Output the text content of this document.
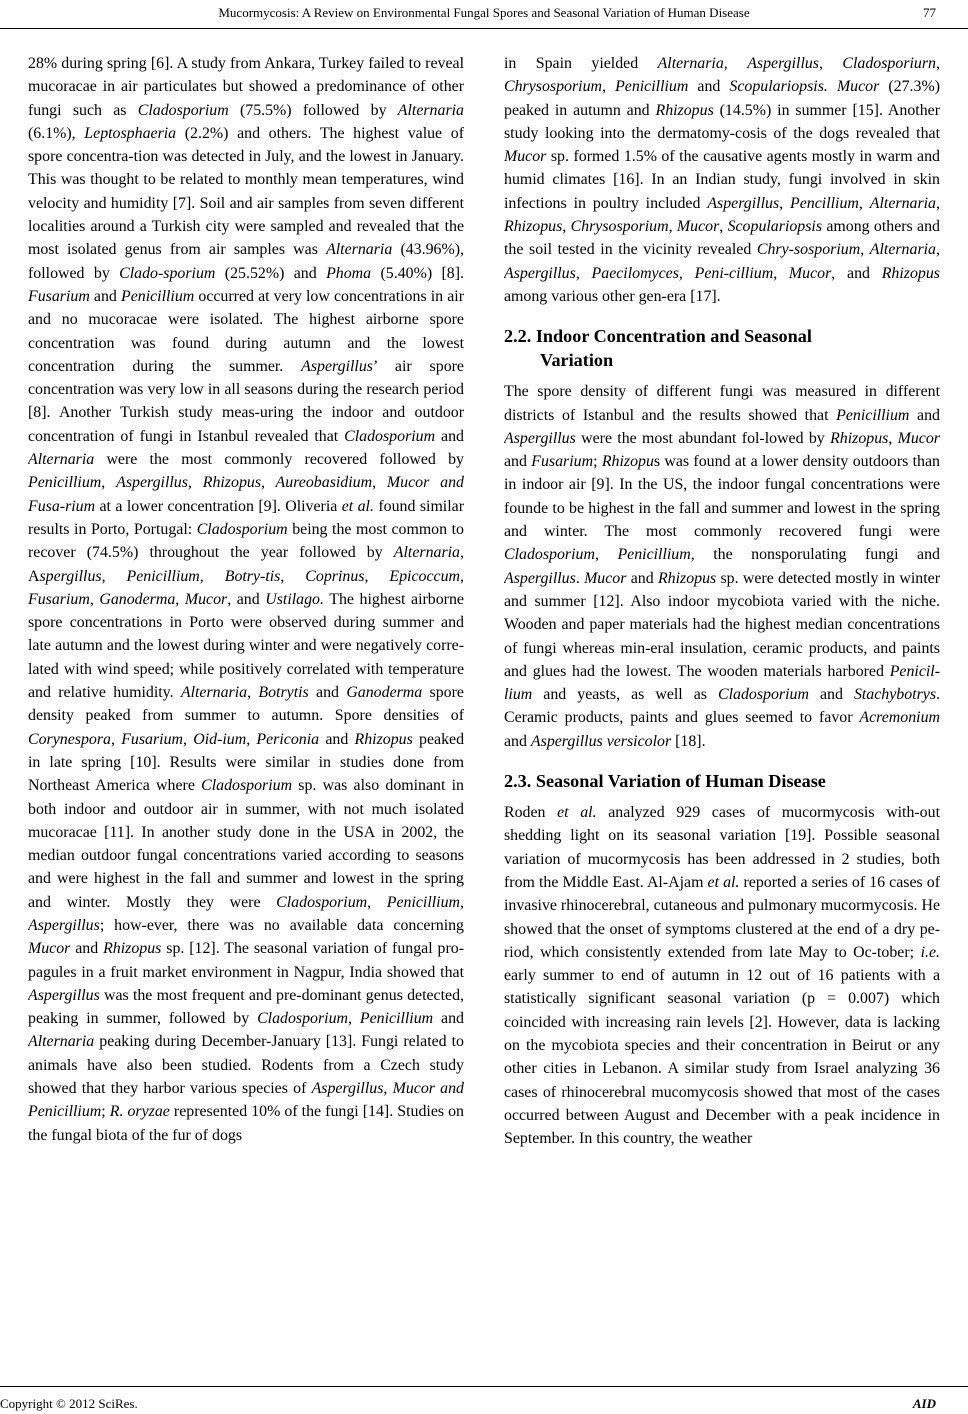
Mucormycosis: A Review on Environmental Fungal Spores and Seasonal Variation of Human Disease	77

28% during spring [6]. A study from Ankara, Turkey failed to reveal mucoracae in air particulates but showed a predominance of other fungi such as Cladosporium (75.5%) followed by Alternaria (6.1%), Leptosphaeria (2.2%) and others. The highest value of spore concentra-tion was detected in July, and the lowest in January. This was thought to be related to monthly mean temperatures, wind velocity and humidity [7]. Soil and air samples from seven different localities around a Turkish city were sampled and revealed that the most isolated genus from air samples was Alternaria (43.96%), followed by Clado-sporium (25.52%) and Phoma (5.40%) [8]. Fusarium and Penicillium occurred at very low concentrations in air and no mucoracae were isolated. The highest airborne spore concentration was found during autumn and the lowest concentration during the summer. Aspergillus’ air spore concentration was very low in all seasons during the research period [8]. Another Turkish study meas-uring the indoor and outdoor concentration of fungi in Istanbul revealed that Cladosporium and Alternaria were the most commonly recovered followed by Penicillium, Aspergillus, Rhizopus, Aureobasidium, Mucor and Fusa-rium at a lower concentration [9]. Oliveria et al. found similar results in Porto, Portugal: Cladosporium being the most common to recover (74.5%) throughout the year followed by Alternaria, Aspergillus, Penicillium, Botry-tis, Coprinus, Epicoccum, Fusarium, Ganoderma, Mucor, and Ustilago. The highest airborne spore concentrations in Porto were observed during summer and late autumn and the lowest during winter and were negatively corre-lated with wind speed; while positively correlated with temperature and relative humidity. Alternaria, Botrytis and Ganoderma spore density peaked from summer to autumn. Spore densities of Corynespora, Fusarium, Oid-ium, Periconia and Rhizopus peaked in late spring [10]. Results were similar in studies done from Northeast America where Cladosporium sp. was also dominant in both indoor and outdoor air in summer, with not much isolated mucoracae [11]. In another study done in the USA in 2002, the median outdoor fungal concentrations varied according to seasons and were highest in the fall and summer and lowest in the spring and winter. Mostly they were Cladosporium, Penicillium, Aspergillus; how-ever, there was no available data concerning Mucor and Rhizopus sp. [12]. The seasonal variation of fungal pro-pagules in a fruit market environment in Nagpur, India showed that Aspergillus was the most frequent and pre-dominant genus detected, peaking in summer, followed by Cladosporium, Penicillium and Alternaria peaking during December-January [13]. Fungi related to animals have also been studied. Rodents from a Czech study showed that they harbor various species of Aspergillus, Mucor and Penicillium; R. oryzae represented 10% of the fungi [14]. Studies on the fungal biota of the fur of dogs

in Spain yielded Alternaria, Aspergillus, Cladosporiurn, Chrysosporium, Penicillium and Scopulariopsis. Mucor (27.3%) peaked in autumn and Rhizopus (14.5%) in summer [15]. Another study looking into the dermatomy-cosis of the dogs revealed that Mucor sp. formed 1.5% of the causative agents mostly in warm and humid climates [16]. In an Indian study, fungi involved in skin infections in poultry included Aspergillus, Pencillium, Alternaria, Rhizopus, Chrysosporium, Mucor, Scopulariopsis among others and the soil tested in the vicinity revealed Chry-sosporium, Alternaria, Aspergillus, Paecilomyces, Peni-cillium, Mucor, and Rhizopus among various other gen-era [17].

2.2. Indoor Concentration and Seasonal
Variation

The spore density of different fungi was measured in different districts of Istanbul and the results showed that Penicillium and Aspergillus were the most abundant fol-lowed by Rhizopus, Mucor and Fusarium; Rhizopus was found at a lower density outdoors than in indoor air [9]. In the US, the indoor fungal concentrations were founde to be highest in the fall and summer and lowest in the spring and winter. The most commonly recovered fungi were Cladosporium, Penicillium, the nonsporulating fungi and Aspergillus. Mucor and Rhizopus sp. were detected mostly in winter and summer [12]. Also indoor mycobiota varied with the niche. Wooden and paper materials had the highest median concentrations of fungi whereas min-eral insulation, ceramic products, and paints and glues had the lowest. The wooden materials harbored Penicil-lium and yeasts, as well as Cladosporium and Stachybotrys. Ceramic products, paints and glues seemed to favor Acremonium and Aspergillus versicolor [18].

2.3. Seasonal Variation of Human Disease

Roden et al. analyzed 929 cases of mucormycosis with-out shedding light on its seasonal variation [19]. Possible seasonal variation of mucormycosis has been addressed in 2 studies, both from the Middle East. Al-Ajam et al. reported a series of 16 cases of invasive rhinocerebral, cutaneous and pulmonary mucormycosis. He showed that the onset of symptoms clustered at the end of a dry pe-riod, which consistently extended from late May to Oc-tober; i.e. early summer to end of autumn in 12 out of 16 patients with a statistically significant seasonal variation (p = 0.007) which coincided with increasing rain levels [2]. However, data is lacking on the mycobiota species and their concentration in Beirut or any other cities in Lebanon. A similar study from Israel analyzing 36 cases of rhinocerebral mucomycosis showed that most of the cases occurred between August and December with a peak incidence in September. In this country, the weather

Copyright © 2012 SciRes.	AID
